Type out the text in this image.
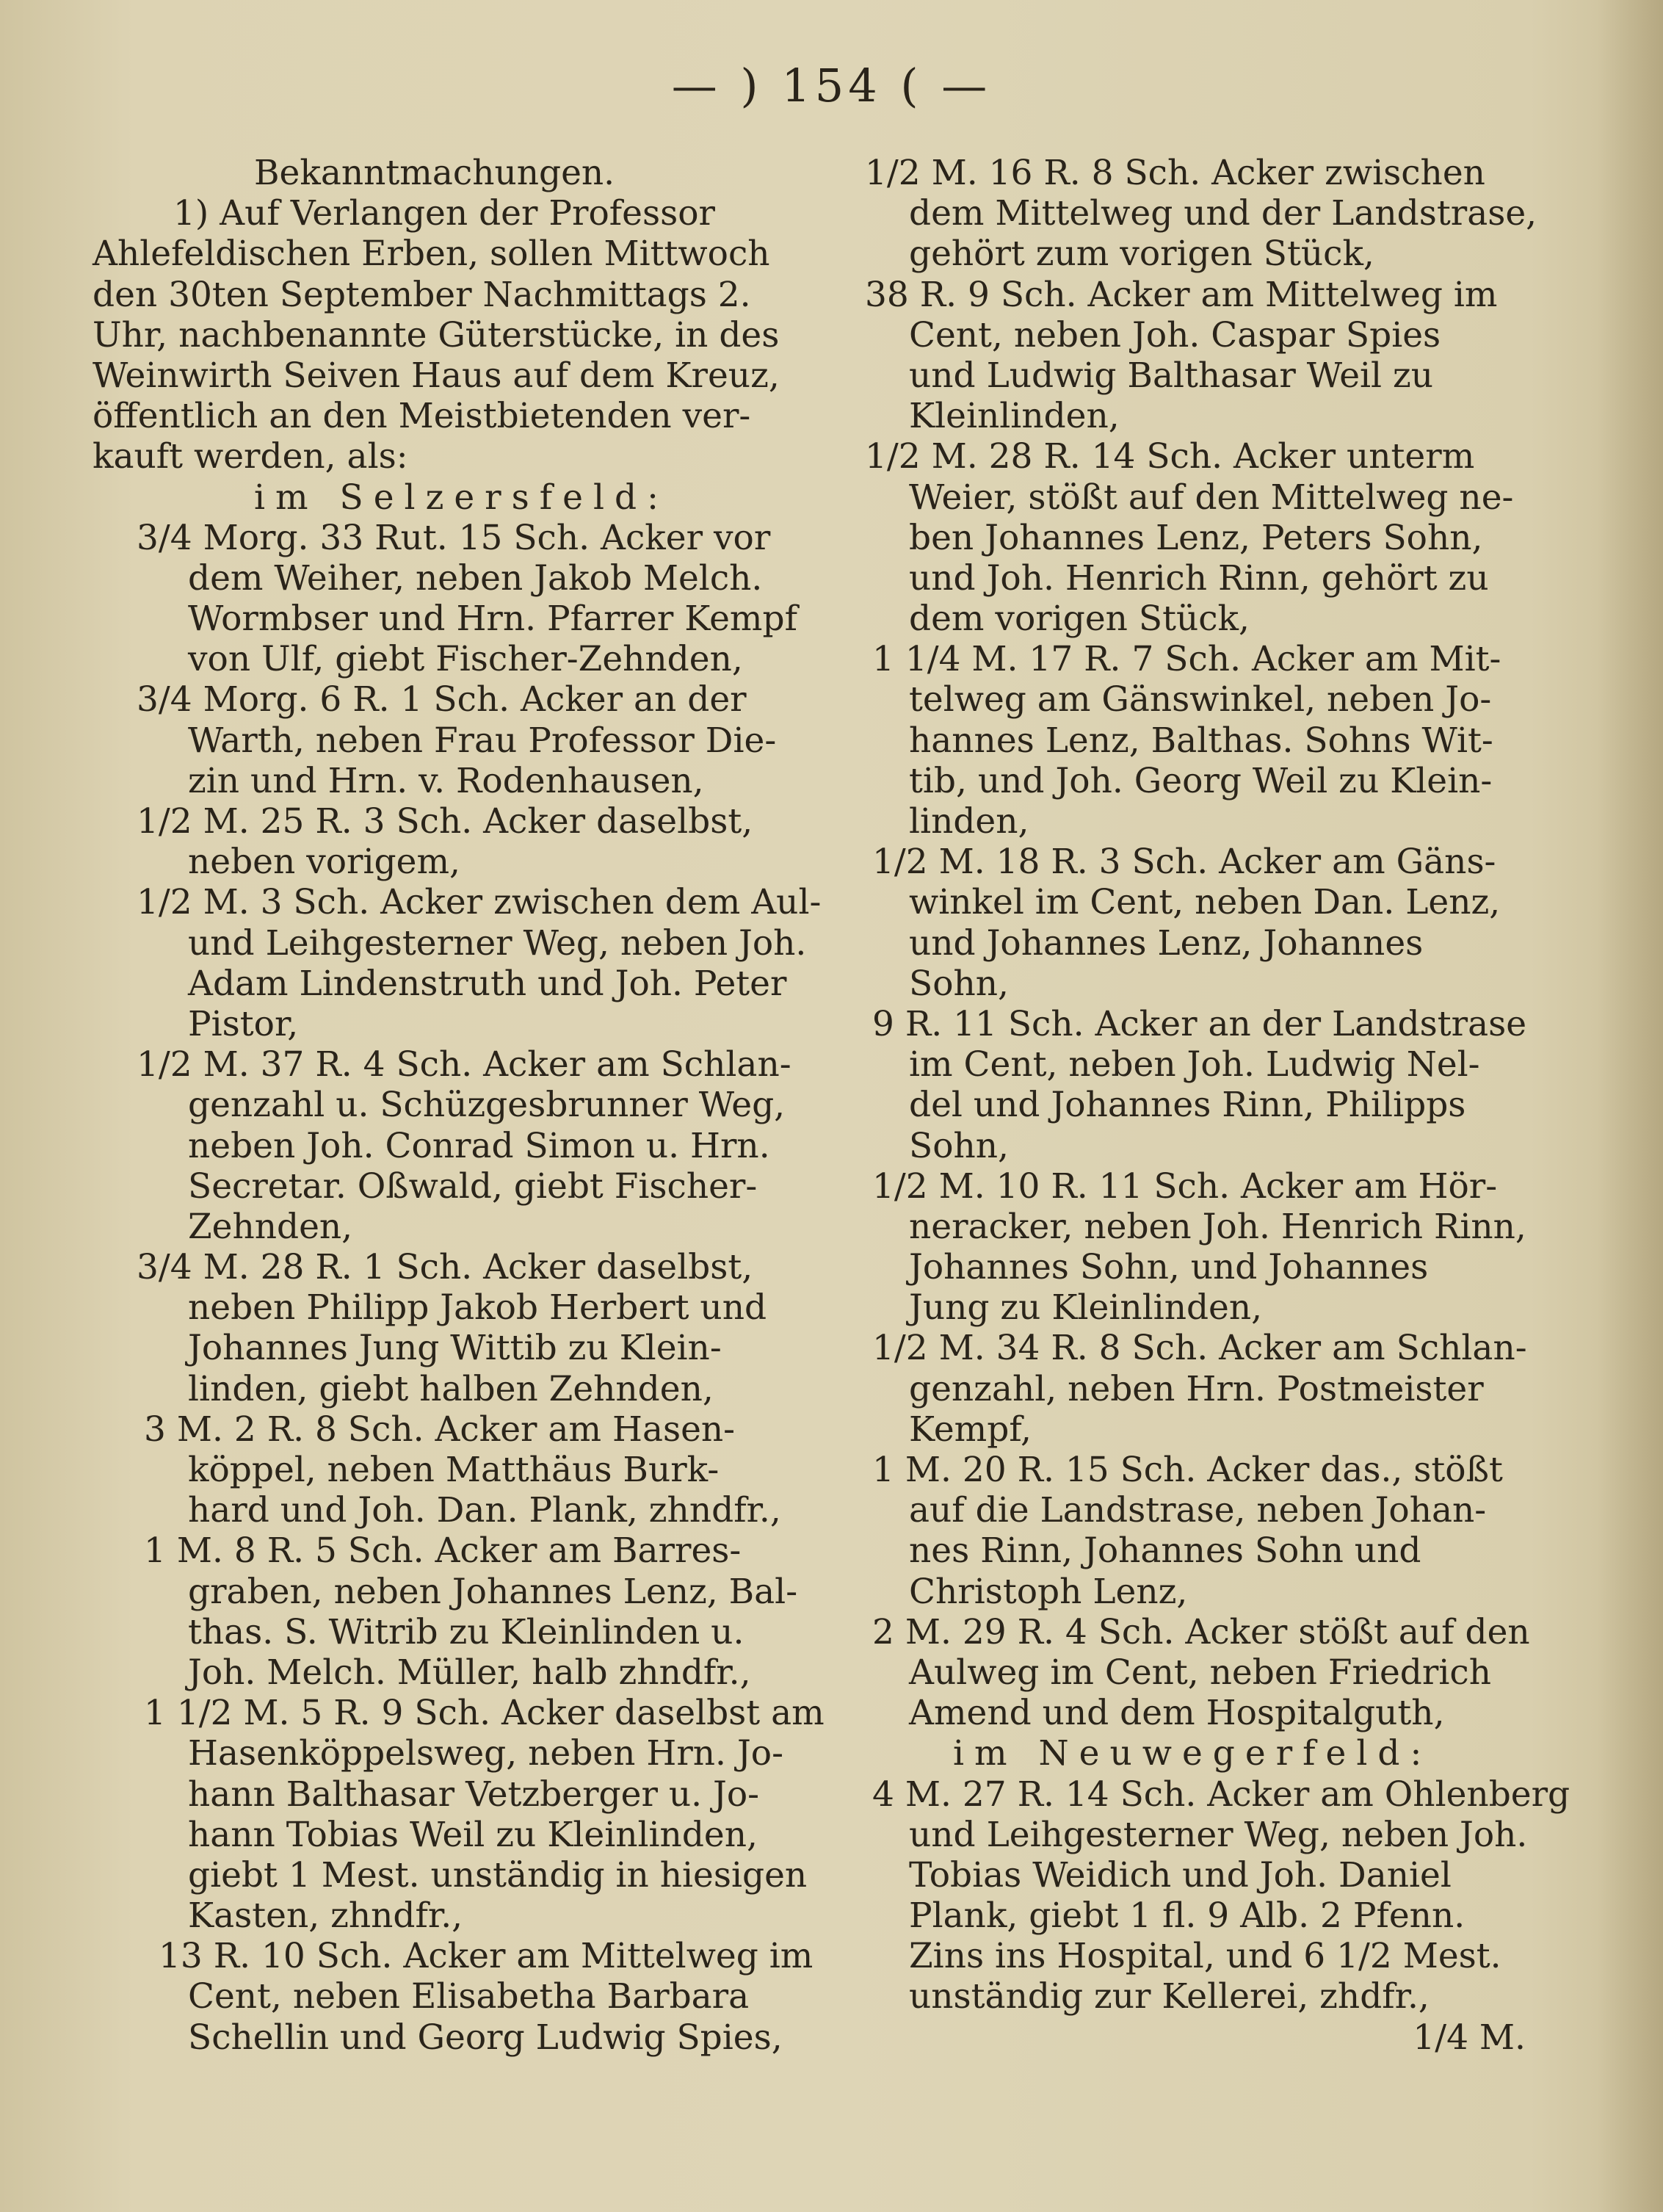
— ) 154 ( —
Bekanntmachungen.
1) Auf Verlangen der Professor
Ahlefeldischen Erben, sollen Mittwoch
den 30ten September Nachmittags 2.
Uhr, nachbenannte Güterstücke, in des
Weinwirth Seiven Haus auf dem Kreuz,
öffentlich an den Meistbietenden ver-
kauft werden, als:
im Selzersfeld:
3/4 Morg. 33 Rut. 15 Sch. Acker vor
dem Weiher, neben Jakob Melch.
Wormbser und Hrn. Pfarrer Kempf
von Ulf, giebt Fischer-Zehnden,
3/4 Morg. 6 R. 1 Sch. Acker an der
Warth, neben Frau Professor Die-
zin und Hrn. v. Rodenhausen,
1/2 M. 25 R. 3 Sch. Acker daselbst,
neben vorigem,
1/2 M. 3 Sch. Acker zwischen dem Aul-
und Leihgesterner Weg, neben Joh.
Adam Lindenstruth und Joh. Peter
Pistor,
1/2 M. 37 R. 4 Sch. Acker am Schlan-
genzahl u. Schüzgesbrunner Weg,
neben Joh. Conrad Simon u. Hrn.
Secretar. Oßwald, giebt Fischer-
Zehnden,
3/4 M. 28 R. 1 Sch. Acker daselbst,
neben Philipp Jakob Herbert und
Johannes Jung Wittib zu Klein-
linden, giebt halben Zehnden,
3 M. 2 R. 8 Sch. Acker am Hasen-
köppel, neben Matthäus Burk-
hard und Joh. Dan. Plank, zhndfr.,
1 M. 8 R. 5 Sch. Acker am Barres-
graben, neben Johannes Lenz, Bal-
thas. S. Witrib zu Kleinlinden u.
Joh. Melch. Müller, halb zhndfr.,
1 1/2 M. 5 R. 9 Sch. Acker daselbst am
Hasenköppelsweg, neben Hrn. Jo-
hann Balthasar Vetzberger u. Jo-
hann Tobias Weil zu Kleinlinden,
giebt 1 Mest. unständig in hiesigen
Kasten, zhndfr.,
13 R. 10 Sch. Acker am Mittelweg im
Cent, neben Elisabetha Barbara
Schellin und Georg Ludwig Spies,
1/2 M. 16 R. 8 Sch. Acker zwischen
dem Mittelweg und der Landstrase,
gehört zum vorigen Stück,
38 R. 9 Sch. Acker am Mittelweg im
Cent, neben Joh. Caspar Spies
und Ludwig Balthasar Weil zu
Kleinlinden,
1/2 M. 28 R. 14 Sch. Acker unterm
Weier, stößt auf den Mittelweg ne-
ben Johannes Lenz, Peters Sohn,
und Joh. Henrich Rinn, gehört zu
dem vorigen Stück,
1 1/4 M. 17 R. 7 Sch. Acker am Mit-
telweg am Gänswinkel, neben Jo-
hannes Lenz, Balthas. Sohns Wit-
tib, und Joh. Georg Weil zu Klein-
linden,
1/2 M. 18 R. 3 Sch. Acker am Gäns-
winkel im Cent, neben Dan. Lenz,
und Johannes Lenz, Johannes
Sohn,
9 R. 11 Sch. Acker an der Landstrase
im Cent, neben Joh. Ludwig Nel-
del und Johannes Rinn, Philipps
Sohn,
1/2 M. 10 R. 11 Sch. Acker am Hör-
neracker, neben Joh. Henrich Rinn,
Johannes Sohn, und Johannes
Jung zu Kleinlinden,
1/2 M. 34 R. 8 Sch. Acker am Schlan-
genzahl, neben Hrn. Postmeister
Kempf,
1 M. 20 R. 15 Sch. Acker das., stößt
auf die Landstrase, neben Johan-
nes Rinn, Johannes Sohn und
Christoph Lenz,
2 M. 29 R. 4 Sch. Acker stößt auf den
Aulweg im Cent, neben Friedrich
Amend und dem Hospitalguth,
im Neuwegerfeld:
4 M. 27 R. 14 Sch. Acker am Ohlenberg
und Leihgesterner Weg, neben Joh.
Tobias Weidich und Joh. Daniel
Plank, giebt 1 fl. 9 Alb. 2 Pfenn.
Zins ins Hospital, und 6 1/2 Mest.
unständig zur Kellerei, zhdfr.,
1/4 M.
